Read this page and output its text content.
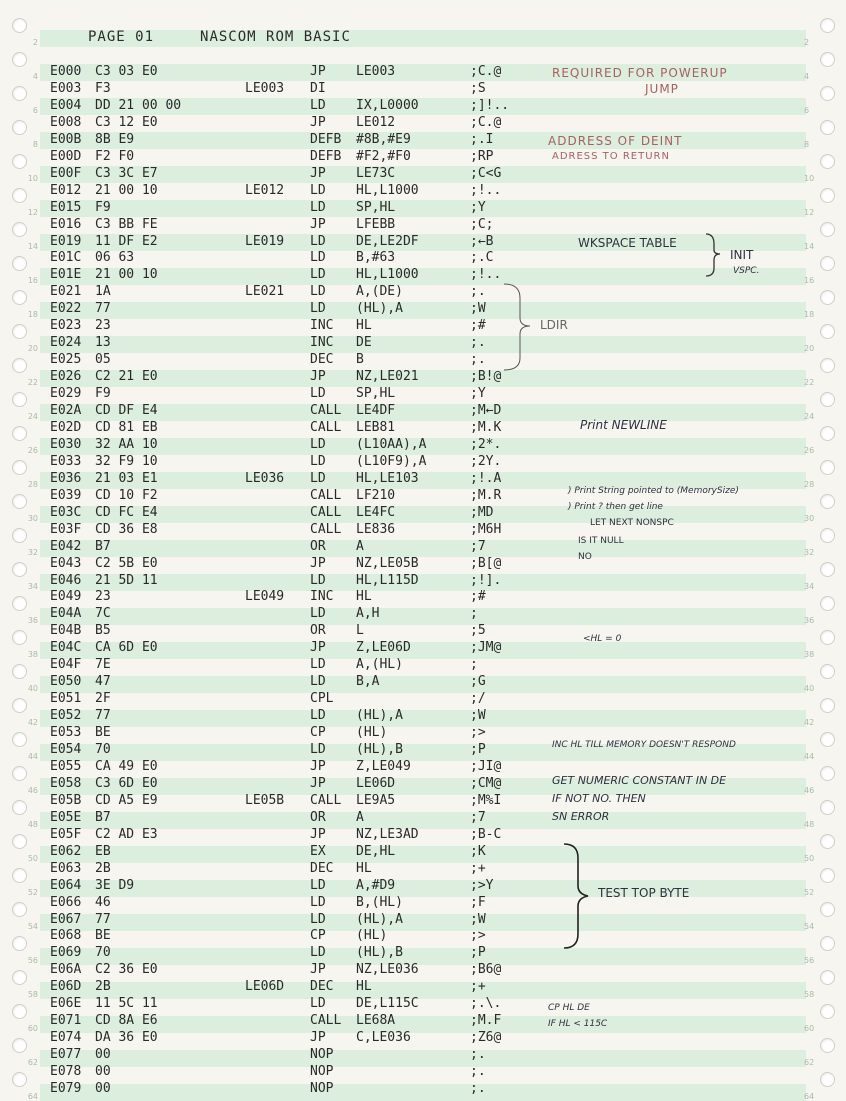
2	2
4	4
6	6
8	8
10	10
12	12
14	14
16	16
18	18
20	20
22	22
24	24
26	26
28	28
30	30
32	32
34	34
36	36
38	38
40	40
42	42
44	44
46	46
48	48
50	50
52	52
54	54
56	56
58	58
60	60
62	62
64	64
PAGE 01	NASCOM ROM BASIC
E000 C3 03 E0	JP LE003	;C.@
E003 F3	LE003 DI	;S
E004 DD 21 00 00	LD IX,L0000	;]!..
E008 C3 12 E0	JP LE012	;C.@
E00B 8B E9	DEFB #8B,#E9	;.I
E00D F2 F0	DEFB #F2,#F0	;RP
E00F C3 3C E7	JP LE73C	;C<G
E012 21 00 10	LE012 LD HL,L1000	;!..
E015 F9	LD SP,HL	;Y
E016 C3 BB FE	JP LFEBB	;C;
E019 11 DF E2	LE019 LD DE,LE2DF	;←B
E01C 06 63	LD B,#63	;.C
E01E 21 00 10	LD HL,L1000	;!..
E021 1A	LE021 LD A,(DE)	;.
E022 77	LD (HL),A	;W
E023 23	INC HL	;#
E024 13	INC DE	;.
E025 05	DEC B	;.
E026 C2 21 E0	JP NZ,LE021	;B!@
E029 F9	LD SP,HL	;Y
E02A CD DF E4	CALL LE4DF	;M←D
E02D CD 81 EB	CALL LEB81	;M.K
E030 32 AA 10	LD (L10AA),A	;2*.
E033 32 F9 10	LD (L10F9),A	;2Y.
E036 21 03 E1	LE036 LD HL,LE103	;!.A
E039 CD 10 F2	CALL LF210	;M.R
E03C CD FC E4	CALL LE4FC	;MD
E03F CD 36 E8	CALL LE836	;M6H
E042 B7	OR A	;7
E043 C2 5B E0	JP NZ,LE05B	;B[@
E046 21 5D 11	LD HL,L115D	;!].
E049 23	LE049 INC HL	;#
E04A 7C	LD A,H	;
E04B B5	OR L	;5
E04C CA 6D E0	JP Z,LE06D	;JM@
E04F 7E	LD A,(HL)	;
E050 47	LD B,A	;G
E051 2F	CPL	;/
E052 77	LD (HL),A	;W
E053 BE	CP (HL)	;>
E054 70	LD (HL),B	;P
E055 CA 49 E0	JP Z,LE049	;JI@
E058 C3 6D E0	JP LE06D	;CM@
E05B CD A5 E9	LE05B CALL LE9A5	;M%I
E05E B7	OR A	;7
E05F C2 AD E3	JP NZ,LE3AD	;B-C
E062 EB	EX DE,HL	;K
E063 2B	DEC HL	;+
E064 3E D9	LD A,#D9	;>Y
E066 46	LD B,(HL)	;F
E067 77	LD (HL),A	;W
E068 BE	CP (HL)	;>
E069 70	LD (HL),B	;P
E06A C2 36 E0	JP NZ,LE036	;B6@
E06D 2B	LE06D DEC HL	;+
E06E 11 5C 11	LD DE,L115C	;.\.
E071 CD 8A E6	CALL LE68A	;M.F
E074 DA 36 E0	JP C,LE036	;Z6@
E077 00	NOP	;.
E078 00	NOP	;.
E079 00	NOP	;.
REQUIRED FOR POWERUP
JUMP
ADDRESS OF DEINT
ADRESS TO RETURN
WKSPACE TABLE
INIT
VSPC.
LDIR
Print NEWLINE
) Print String pointed to (MemorySize)
) Print ? then get line
LET NEXT NONSPC
IS IT NULL
NO
<HL = 0
INC HL TILL MEMORY DOESN'T RESPOND
GET NUMERIC CONSTANT IN DE
IF NOT NO. THEN
SN ERROR
TEST TOP BYTE
CP HL DE
IF HL < 115C
